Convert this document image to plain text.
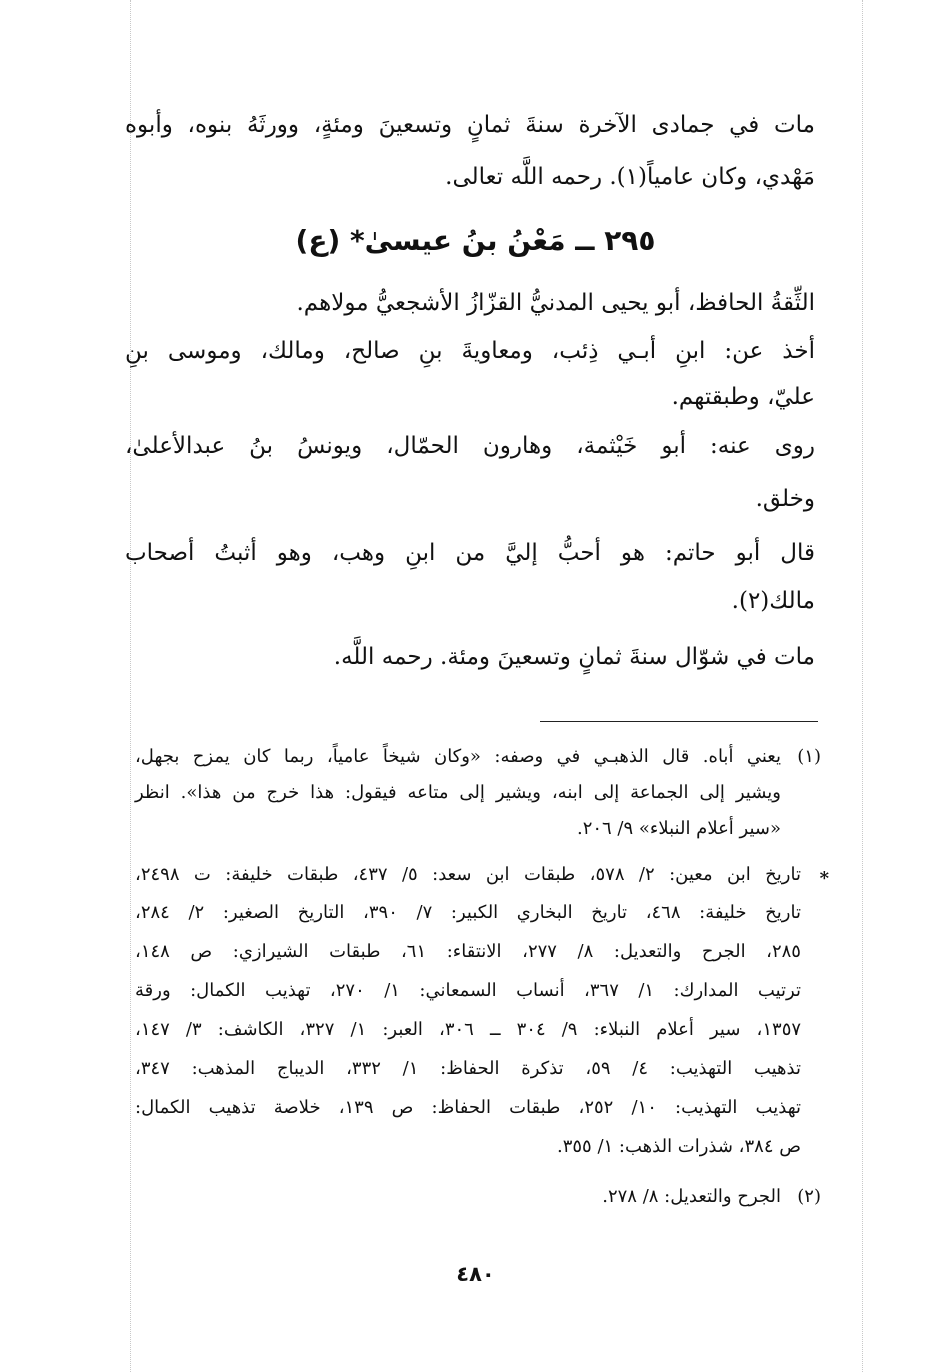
مات في جمادى الآخرة سنةَ ثمانٍ وتسعينَ ومئةٍ، وورثَهُ بنوه، وأبوه
مَهْدي، وكان عامياً(١). رحمه اللَّه تعالى.
٢٩٥ ــ مَعْنُ بنُ عيسىٰ* (ع)
الثِّقةُ الحافظ، أبو يحيى المدنيُّ القزّازُ الأشجعيُّ مولاهم.
أخذ عن: ابنِ أبـي ذِئب، ومعاويةَ بنِ صالح، ومالك، وموسى بنِ
عليّ، وطبقتهم.
روى عنه: أبو خَيْثمة، وهارون الحمّال، ويونسُ بنُ عبدالأعلىٰ،
وخلق.
قال أبو حاتم: هو أحبُّ إليَّ من ابنِ وهب، وهو أثبتُ أصحاب
مالك(٢).
مات في شوّال سنةَ ثمانٍ وتسعينَ ومئة. رحمه اللَّه.
(١)
يعني أباه. قال الذهبـي في وصفه: «وكان شيخاً عامياً، ربما كان يمزح بجهل،
ويشير إلى الجماعة إلى ابنه، ويشير إلى متاعه فيقول: هذا خرج من هذا». انظر
«سير أعلام النبلاء» ٩/ ٢٠٦.
*
تاريخ ابن معين: ٢/ ٥٧٨، طبقات ابن سعد: ٥/ ٤٣٧، طبقات خليفة: ت ٢٤٩٨،
تاريخ خليفة: ٤٦٨، تاريخ البخاري الكبير: ٧/ ٣٩٠، التاريخ الصغير: ٢/ ٢٨٤،
٢٨٥، الجرح والتعديل: ٨/ ٢٧٧، الانتقاء: ٦١، طبقات الشيرازي: ص ١٤٨،
ترتيب المدارك: ١/ ٣٦٧، أنساب السمعاني: ١/ ٢٧٠، تهذيب الكمال: ورقة
١٣٥٧، سير أعلام النبلاء: ٩/ ٣٠٤ ــ ٣٠٦، العبر: ١/ ٣٢٧، الكاشف: ٣/ ١٤٧،
تذهيب التهذيب: ٤/ ٥٩، تذكرة الحفاظ: ١/ ٣٣٢، الديباج المذهب: ٣٤٧،
تهذيب التهذيب: ١٠/ ٢٥٢، طبقات الحفاظ: ص ١٣٩، خلاصة تذهيب الكمال:
ص ٣٨٤، شذرات الذهب: ١/ ٣٥٥.
(٢)
الجرح والتعديل: ٨/ ٢٧٨.
٤٨٠
